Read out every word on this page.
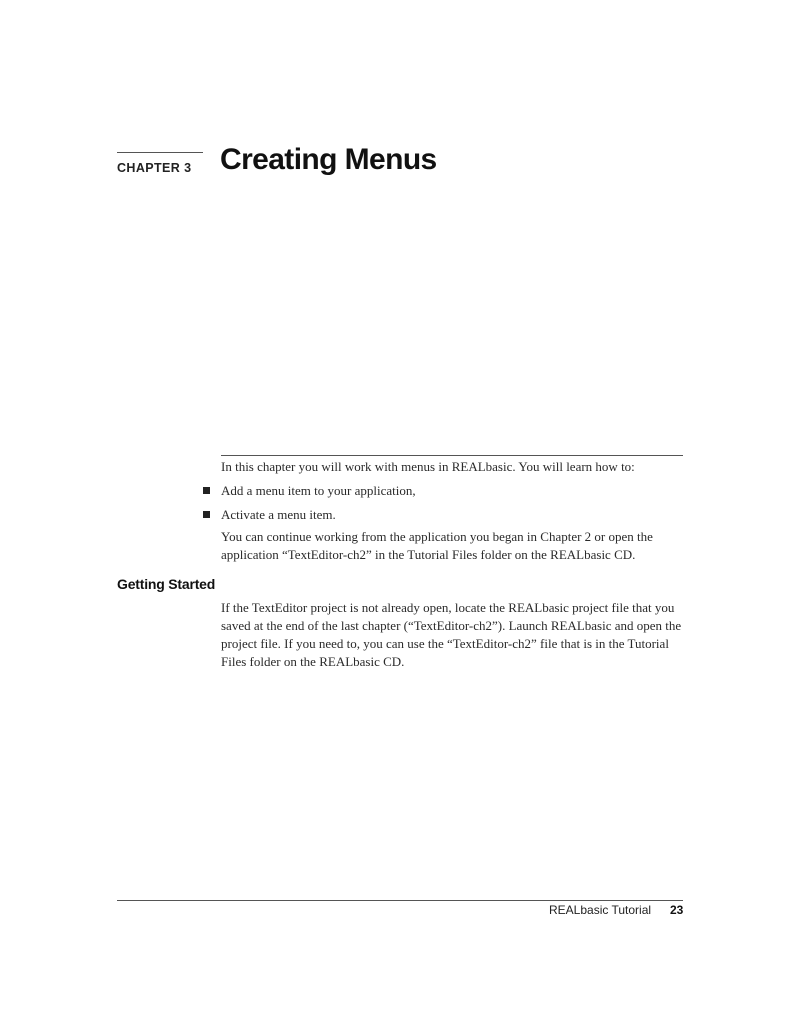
CHAPTER 3 Creating Menus

In this chapter you will work with menus in REALbasic. You will learn how to:

Add a menu item to your application,
Activate a menu item.

You can continue working from the application you began in Chapter 2 or open the application “TextEditor-ch2” in the Tutorial Files folder on the REALbasic CD.

Getting Started

If the TextEditor project is not already open, locate the REALbasic project file that you saved at the end of the last chapter (“TextEditor-ch2”). Launch REALbasic and open the project file. If you need to, you can use the “TextEditor-ch2” file that is in the Tutorial Files folder on the REALbasic CD.

REALbasic Tutorial 23
